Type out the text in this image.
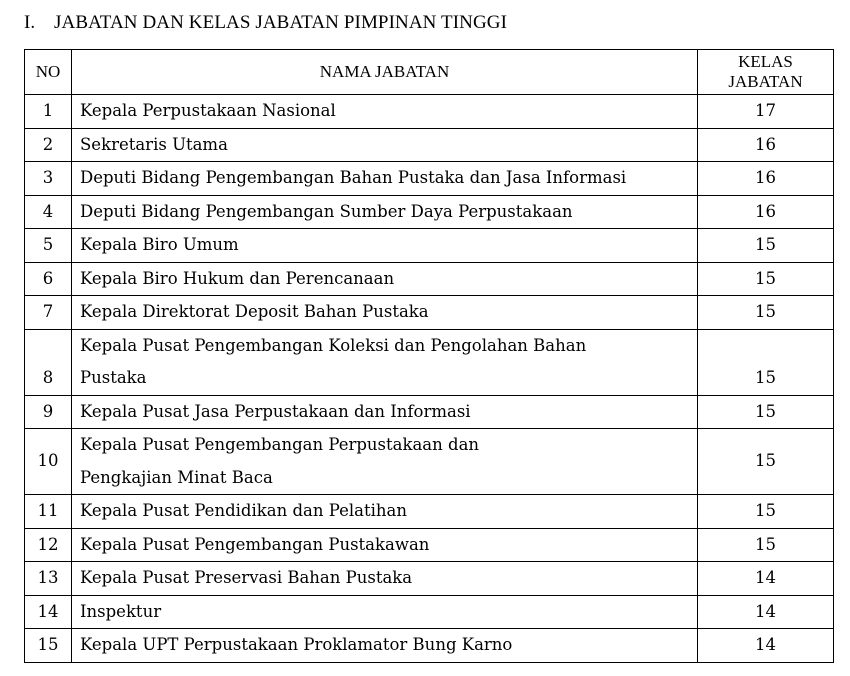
I. JABATAN DAN KELAS JABATAN PIMPINAN TINGGI
NO	NAMA JABATAN	KELAS
JABATAN

1	Kepala Perpustakaan Nasional	17
2	Sekretaris Utama	16
3	Deputi Bidang Pengembangan Bahan Pustaka dan Jasa Informasi	16
4	Deputi Bidang Pengembangan Sumber Daya Perpustakaan	16
5	Kepala Biro Umum	15
6	Kepala Biro Hukum dan Perencanaan	15
7	Kepala Direktorat Deposit Bahan Pustaka	15
8	Kepala Pusat Pengembangan Koleksi dan Pengolahan Bahan
Pustaka	15
9	Kepala Pusat Jasa Perpustakaan dan Informasi	15
10	Kepala Pusat Pengembangan Perpustakaan dan
Pengkajian Minat Baca	15
11	Kepala Pusat Pendidikan dan Pelatihan	15
12	Kepala Pusat Pengembangan Pustakawan	15
13	Kepala Pusat Preservasi Bahan Pustaka	14
14	Inspektur	14
15	Kepala UPT Perpustakaan Proklamator Bung Karno	14
